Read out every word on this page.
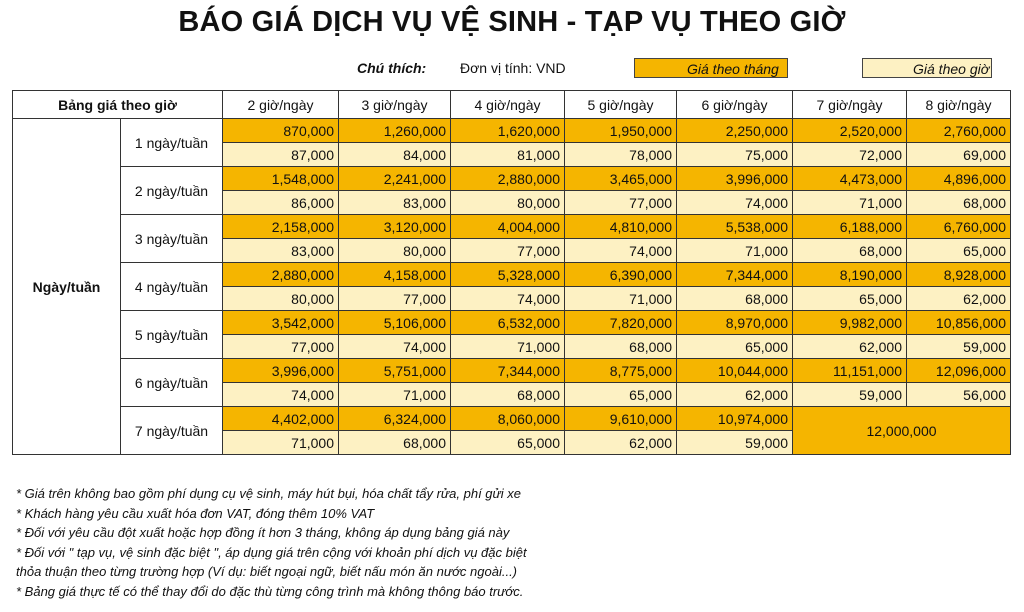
BÁO GIÁ DỊCH VỤ VỆ SINH - TẠP VỤ THEO GIỜ
Chú thích: Đơn vị tính: VND	Giá theo tháng	Giá theo giờ
Bảng giá theo giờ		2 giờ/ngày	3 giờ/ngày	4 giờ/ngày	5 giờ/ngày	6 giờ/ngày	7 giờ/ngày	8 giờ/ngày
Ngày/tuần	1 ngày/tuần	870,000	1,260,000	1,620,000	1,950,000	2,250,000	2,520,000	2,760,000
		87,000	84,000	81,000	78,000	75,000	72,000	69,000
	2 ngày/tuần	1,548,000	2,241,000	2,880,000	3,465,000	3,996,000	4,473,000	4,896,000
		86,000	83,000	80,000	77,000	74,000	71,000	68,000
	3 ngày/tuần	2,158,000	3,120,000	4,004,000	4,810,000	5,538,000	6,188,000	6,760,000
		83,000	80,000	77,000	74,000	71,000	68,000	65,000
	4 ngày/tuần	2,880,000	4,158,000	5,328,000	6,390,000	7,344,000	8,190,000	8,928,000
		80,000	77,000	74,000	71,000	68,000	65,000	62,000
	5 ngày/tuần	3,542,000	5,106,000	6,532,000	7,820,000	8,970,000	9,982,000	10,856,000
		77,000	74,000	71,000	68,000	65,000	62,000	59,000
	6 ngày/tuần	3,996,000	5,751,000	7,344,000	8,775,000	10,044,000	11,151,000	12,096,000
		74,000	71,000	68,000	65,000	62,000	59,000	56,000
	7 ngày/tuần	4,402,000	6,324,000	8,060,000	9,610,000	10,974,000	12,000,000	
		71,000	68,000	65,000	62,000	59,000		
* Giá trên không bao gồm phí dụng cụ vệ sinh, máy hút bụi, hóa chất tẩy rửa, phí gửi xe
* Khách hàng yêu cầu xuất hóa đơn VAT, đóng thêm 10% VAT
* Đối với yêu cầu đột xuất hoặc hợp đồng ít hơn 3 tháng, không áp dụng bảng giá này
* Đối với " tạp vụ, vệ sinh đặc biệt ", áp dụng giá trên cộng với khoản phí dịch vụ đặc biệt
thỏa thuận theo từng trường hợp (Ví dụ: biết ngoại ngữ, biết nấu món ăn nước ngoài...)
* Bảng giá thực tế có thể thay đổi do đặc thù từng công trình mà không thông báo trước.
